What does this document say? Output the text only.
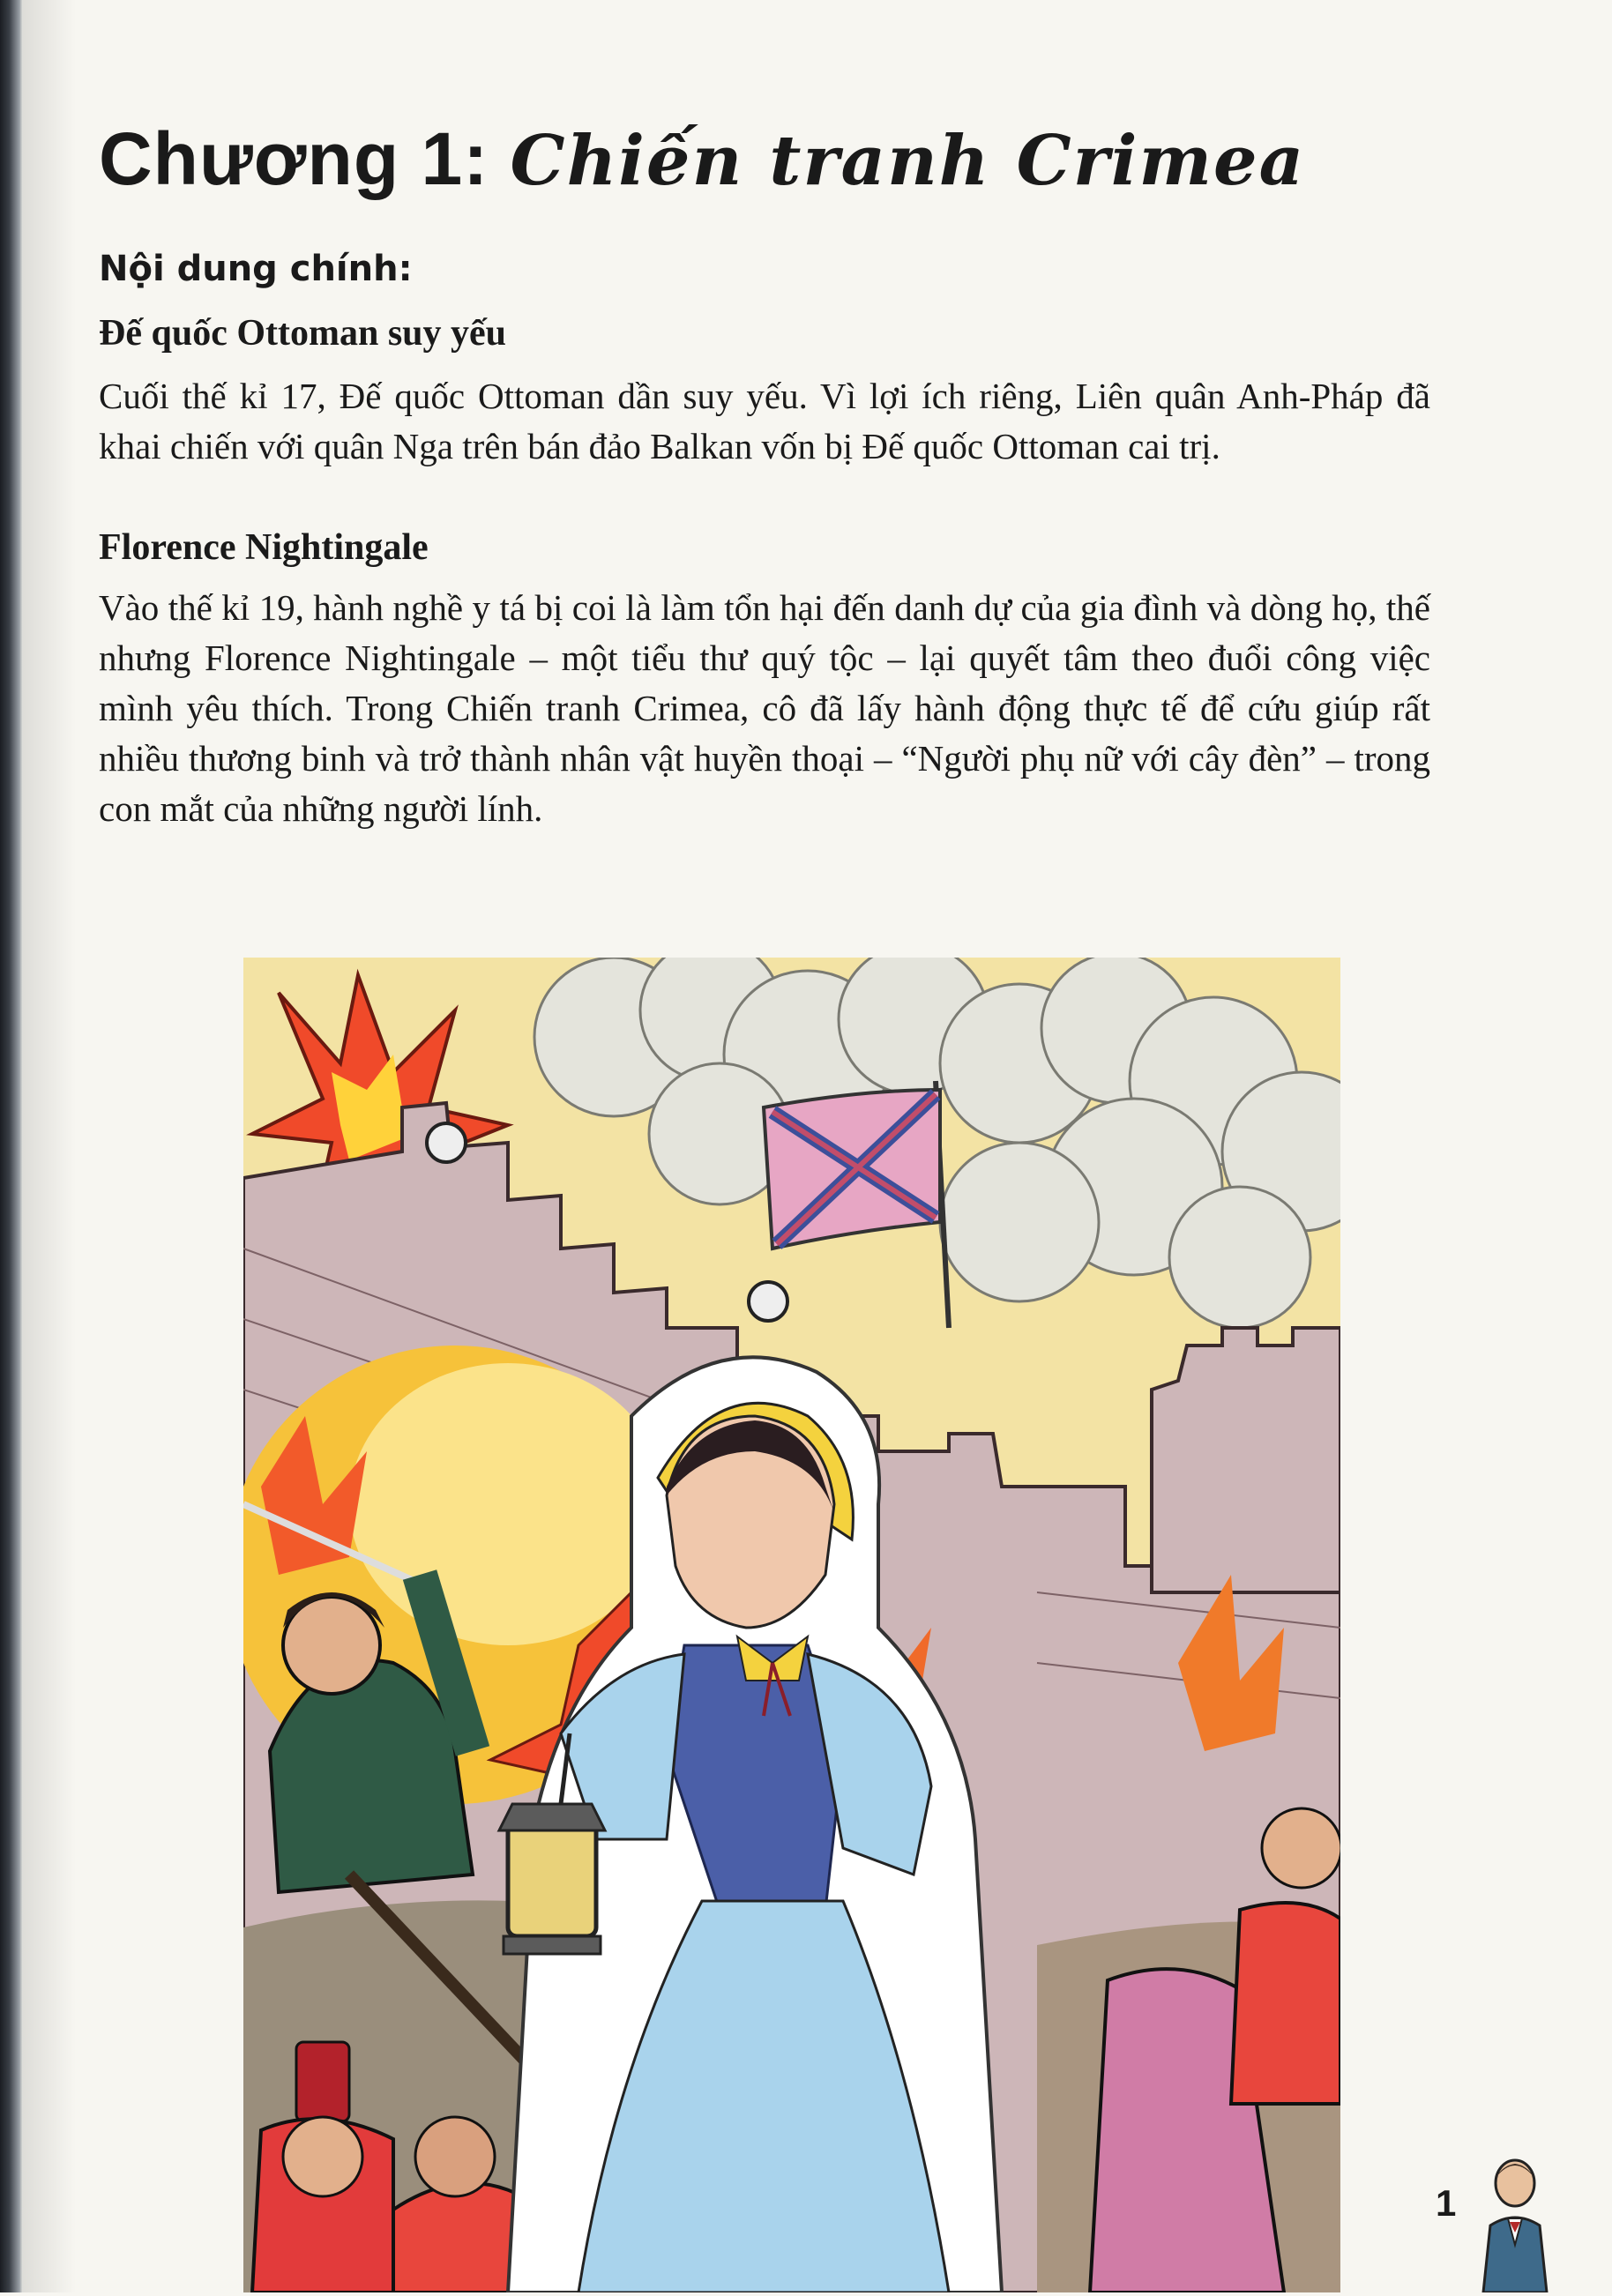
Chương 1: Chiến tranh Crimea
Nội dung chính:
Đế quốc Ottoman suy yếu

Cuối thế kỉ 17, Đế quốc Ottoman dần suy yếu. Vì lợi ích riêng, Liên quân Anh-Pháp đã khai chiến với quân Nga trên bán đảo Balkan vốn bị Đế quốc Ottoman cai trị.

Florence Nightingale

Vào thế kỉ 19, hành nghề y tá bị coi là làm tổn hại đến danh dự của gia đình và dòng họ, thế nhưng Florence Nightingale – một tiểu thư quý tộc – lại quyết tâm theo đuổi công việc mình yêu thích. Trong Chiến tranh Crimea, cô đã lấy hành động thực tế để cứu giúp rất nhiều thương binh và trở thành nhân vật huyền thoại – “Người phụ nữ với cây đèn” – trong con mắt của những người lính.

1
